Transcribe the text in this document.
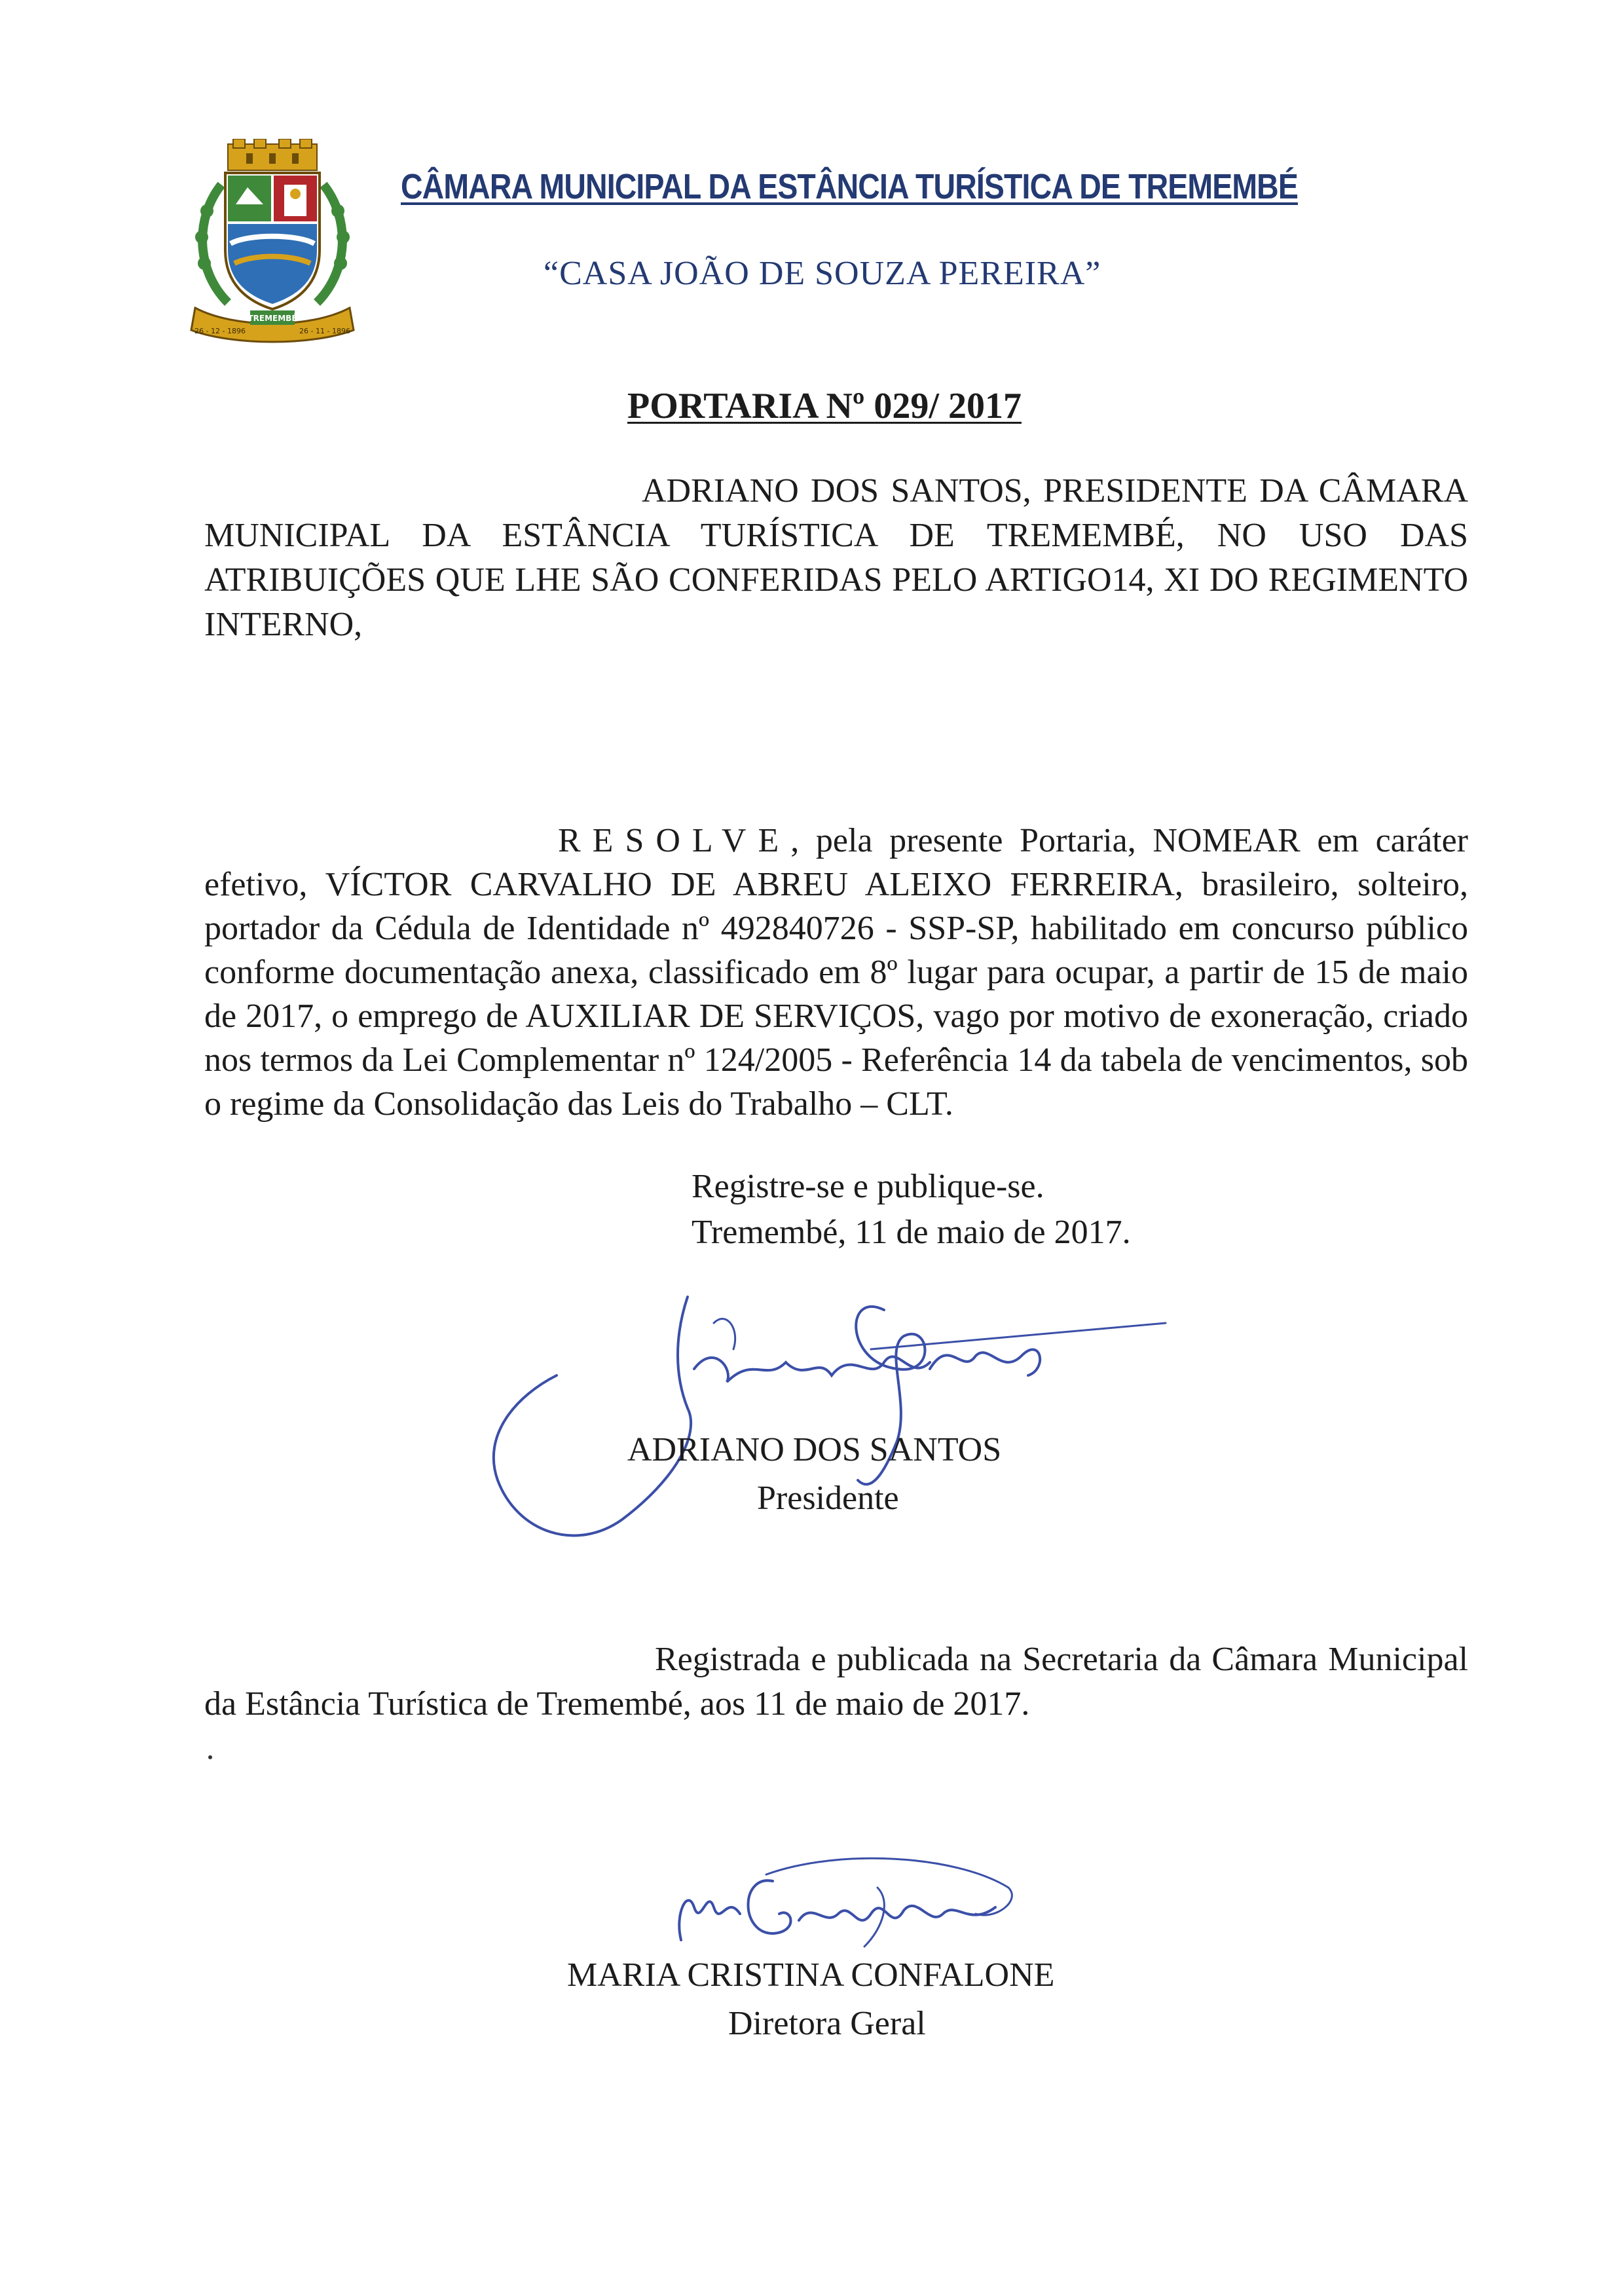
TREMEMBÉ
26 - 12 - 1896	26 - 11 - 1896
CÂMARA MUNICIPAL DA ESTÂNCIA TURÍSTICA DE TREMEMBÉ
“CASA JOÃO DE SOUZA PEREIRA”
PORTARIA Nº 029/ 2017
ADRIANO DOS SANTOS, PRESIDENTE DA CÂMARA MUNICIPAL DA ESTÂNCIA TURÍSTICA DE TREMEMBÉ, NO USO DAS ATRIBUIÇÕES QUE LHE SÃO CONFERIDAS PELO ARTIGO14, XI DO REGIMENTO INTERNO,
RESOLVE, pela presente Portaria, NOMEAR em caráter efetivo, VÍCTOR CARVALHO DE ABREU ALEIXO FERREIRA, brasileiro, solteiro, portador da Cédula de Identidade nº 492840726 - SSP-SP, habilitado em concurso público conforme documentação anexa, classificado em 8º lugar para ocupar, a partir de 15 de maio de 2017, o emprego de AUXILIAR DE SERVIÇOS, vago por motivo de exoneração, criado nos termos da Lei Complementar nº 124/2005 - Referência 14 da tabela de vencimentos, sob o regime da Consolidação das Leis do Trabalho – CLT.
Registre-se e publique-se.
Tremembé, 11 de maio de 2017.
ADRIANO DOS SANTOS
Presidente
Registrada e publicada na Secretaria da Câmara Municipal da Estância Turística de Tremembé, aos 11 de maio de 2017.
MARIA CRISTINA CONFALONE
Diretora Geral
